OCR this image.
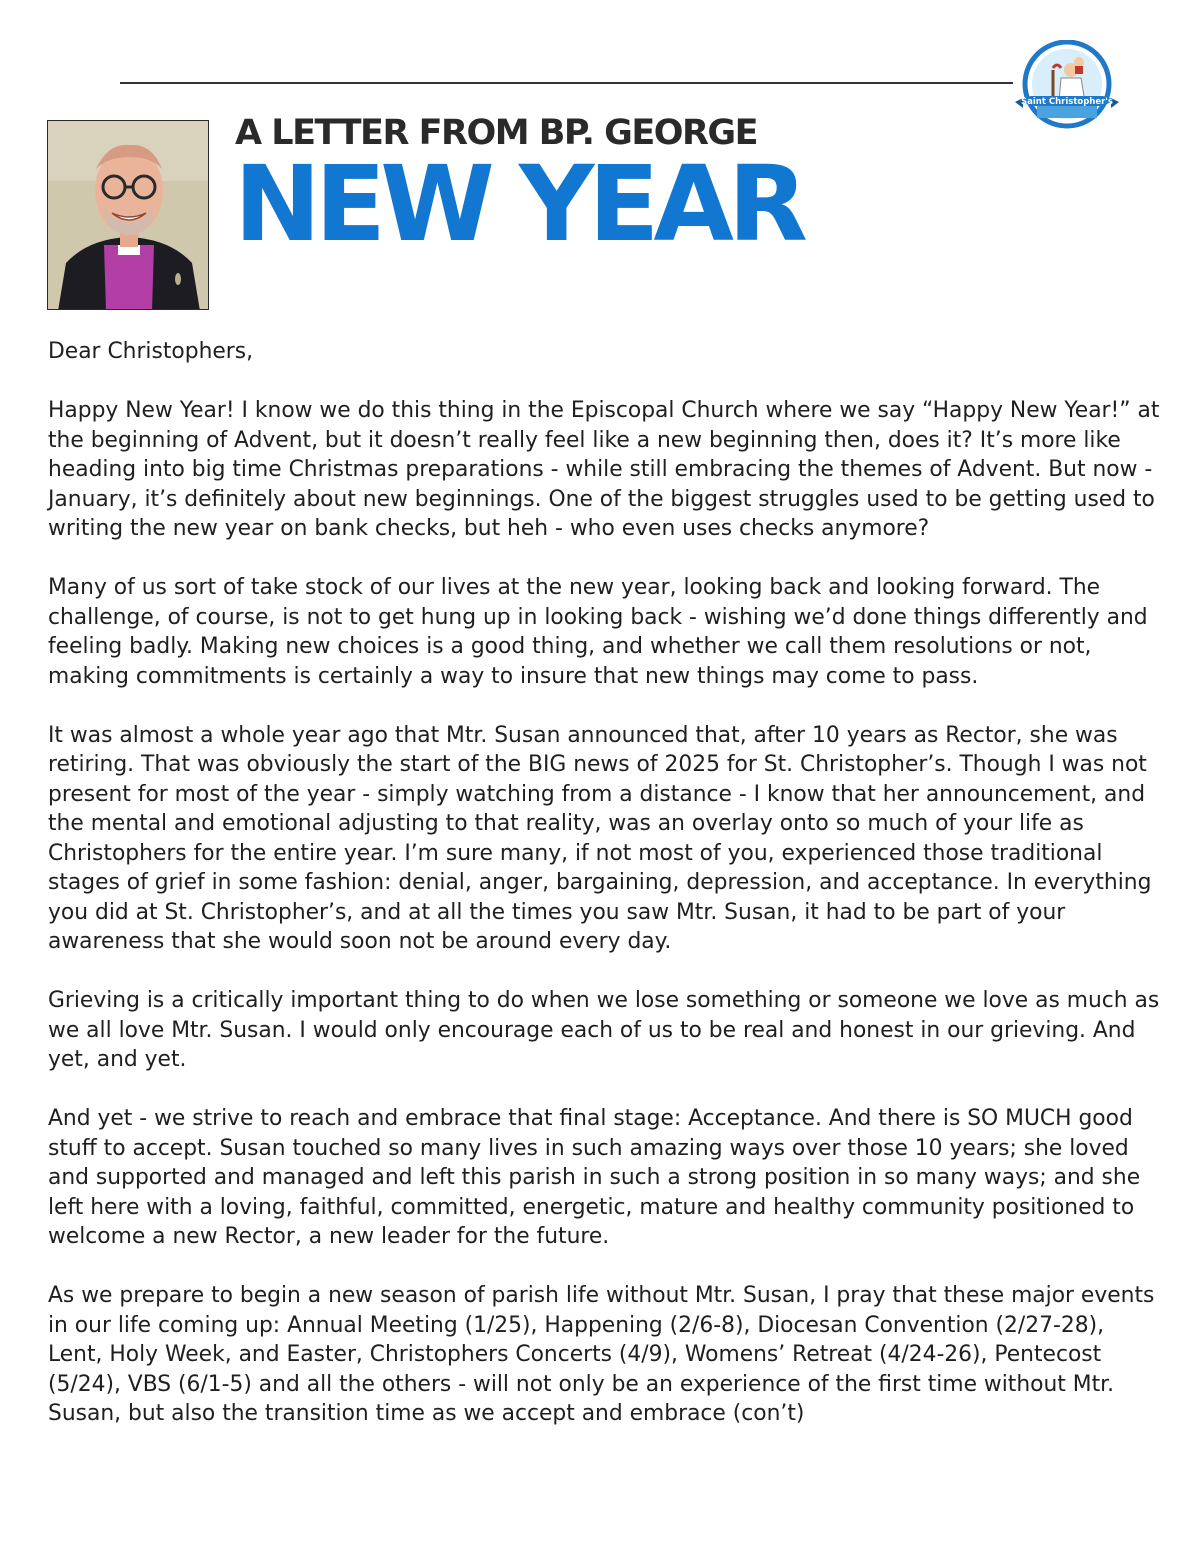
Saint Christopher's
A LETTER FROM BP. GEORGE
NEW YEAR

Dear Christophers,

Happy New Year! I know we do this thing in the Episcopal Church where we say “Happy New Year!” at the beginning of Advent, but it doesn’t really feel like a new beginning then, does it? It’s more like heading into big time Christmas preparations - while still embracing the themes of Advent. But now - January, it’s definitely about new beginnings. One of the biggest struggles used to be getting used to writing the new year on bank checks, but heh - who even uses checks anymore?

Many of us sort of take stock of our lives at the new year, looking back and looking forward. The challenge, of course, is not to get hung up in looking back - wishing we’d done things differently and feeling badly. Making new choices is a good thing, and whether we call them resolutions or not, making commitments is certainly a way to insure that new things may come to pass.

It was almost a whole year ago that Mtr. Susan announced that, after 10 years as Rector, she was retiring. That was obviously the start of the BIG news of 2025 for St. Christopher’s. Though I was not present for most of the year - simply watching from a distance - I know that her announcement, and the mental and emotional adjusting to that reality, was an overlay onto so much of your life as Christophers for the entire year. I’m sure many, if not most of you, experienced those traditional stages of grief in some fashion: denial, anger, bargaining, depression, and acceptance. In everything you did at St. Christopher’s, and at all the times you saw Mtr. Susan, it had to be part of your awareness that she would soon not be around every day.

Grieving is a critically important thing to do when we lose something or someone we love as much as we all love Mtr. Susan. I would only encourage each of us to be real and honest in our grieving. And yet, and yet.

And yet - we strive to reach and embrace that final stage: Acceptance. And there is SO MUCH good stuff to accept. Susan touched so many lives in such amazing ways over those 10 years; she loved and supported and managed and left this parish in such a strong position in so many ways; and she left here with a loving, faithful, committed, energetic, mature and healthy community positioned to welcome a new Rector, a new leader for the future.

As we prepare to begin a new season of parish life without Mtr. Susan, I pray that these major events in our life coming up: Annual Meeting (1/25), Happening (2/6-8), Diocesan Convention (2/27-28), Lent, Holy Week, and Easter, Christophers Concerts (4/9), Womens’ Retreat (4/24-26), Pentecost (5/24), VBS (6/1-5) and all the others - will not only be an experience of the first time without Mtr. Susan, but also the transition time as we accept and embrace (con’t)
